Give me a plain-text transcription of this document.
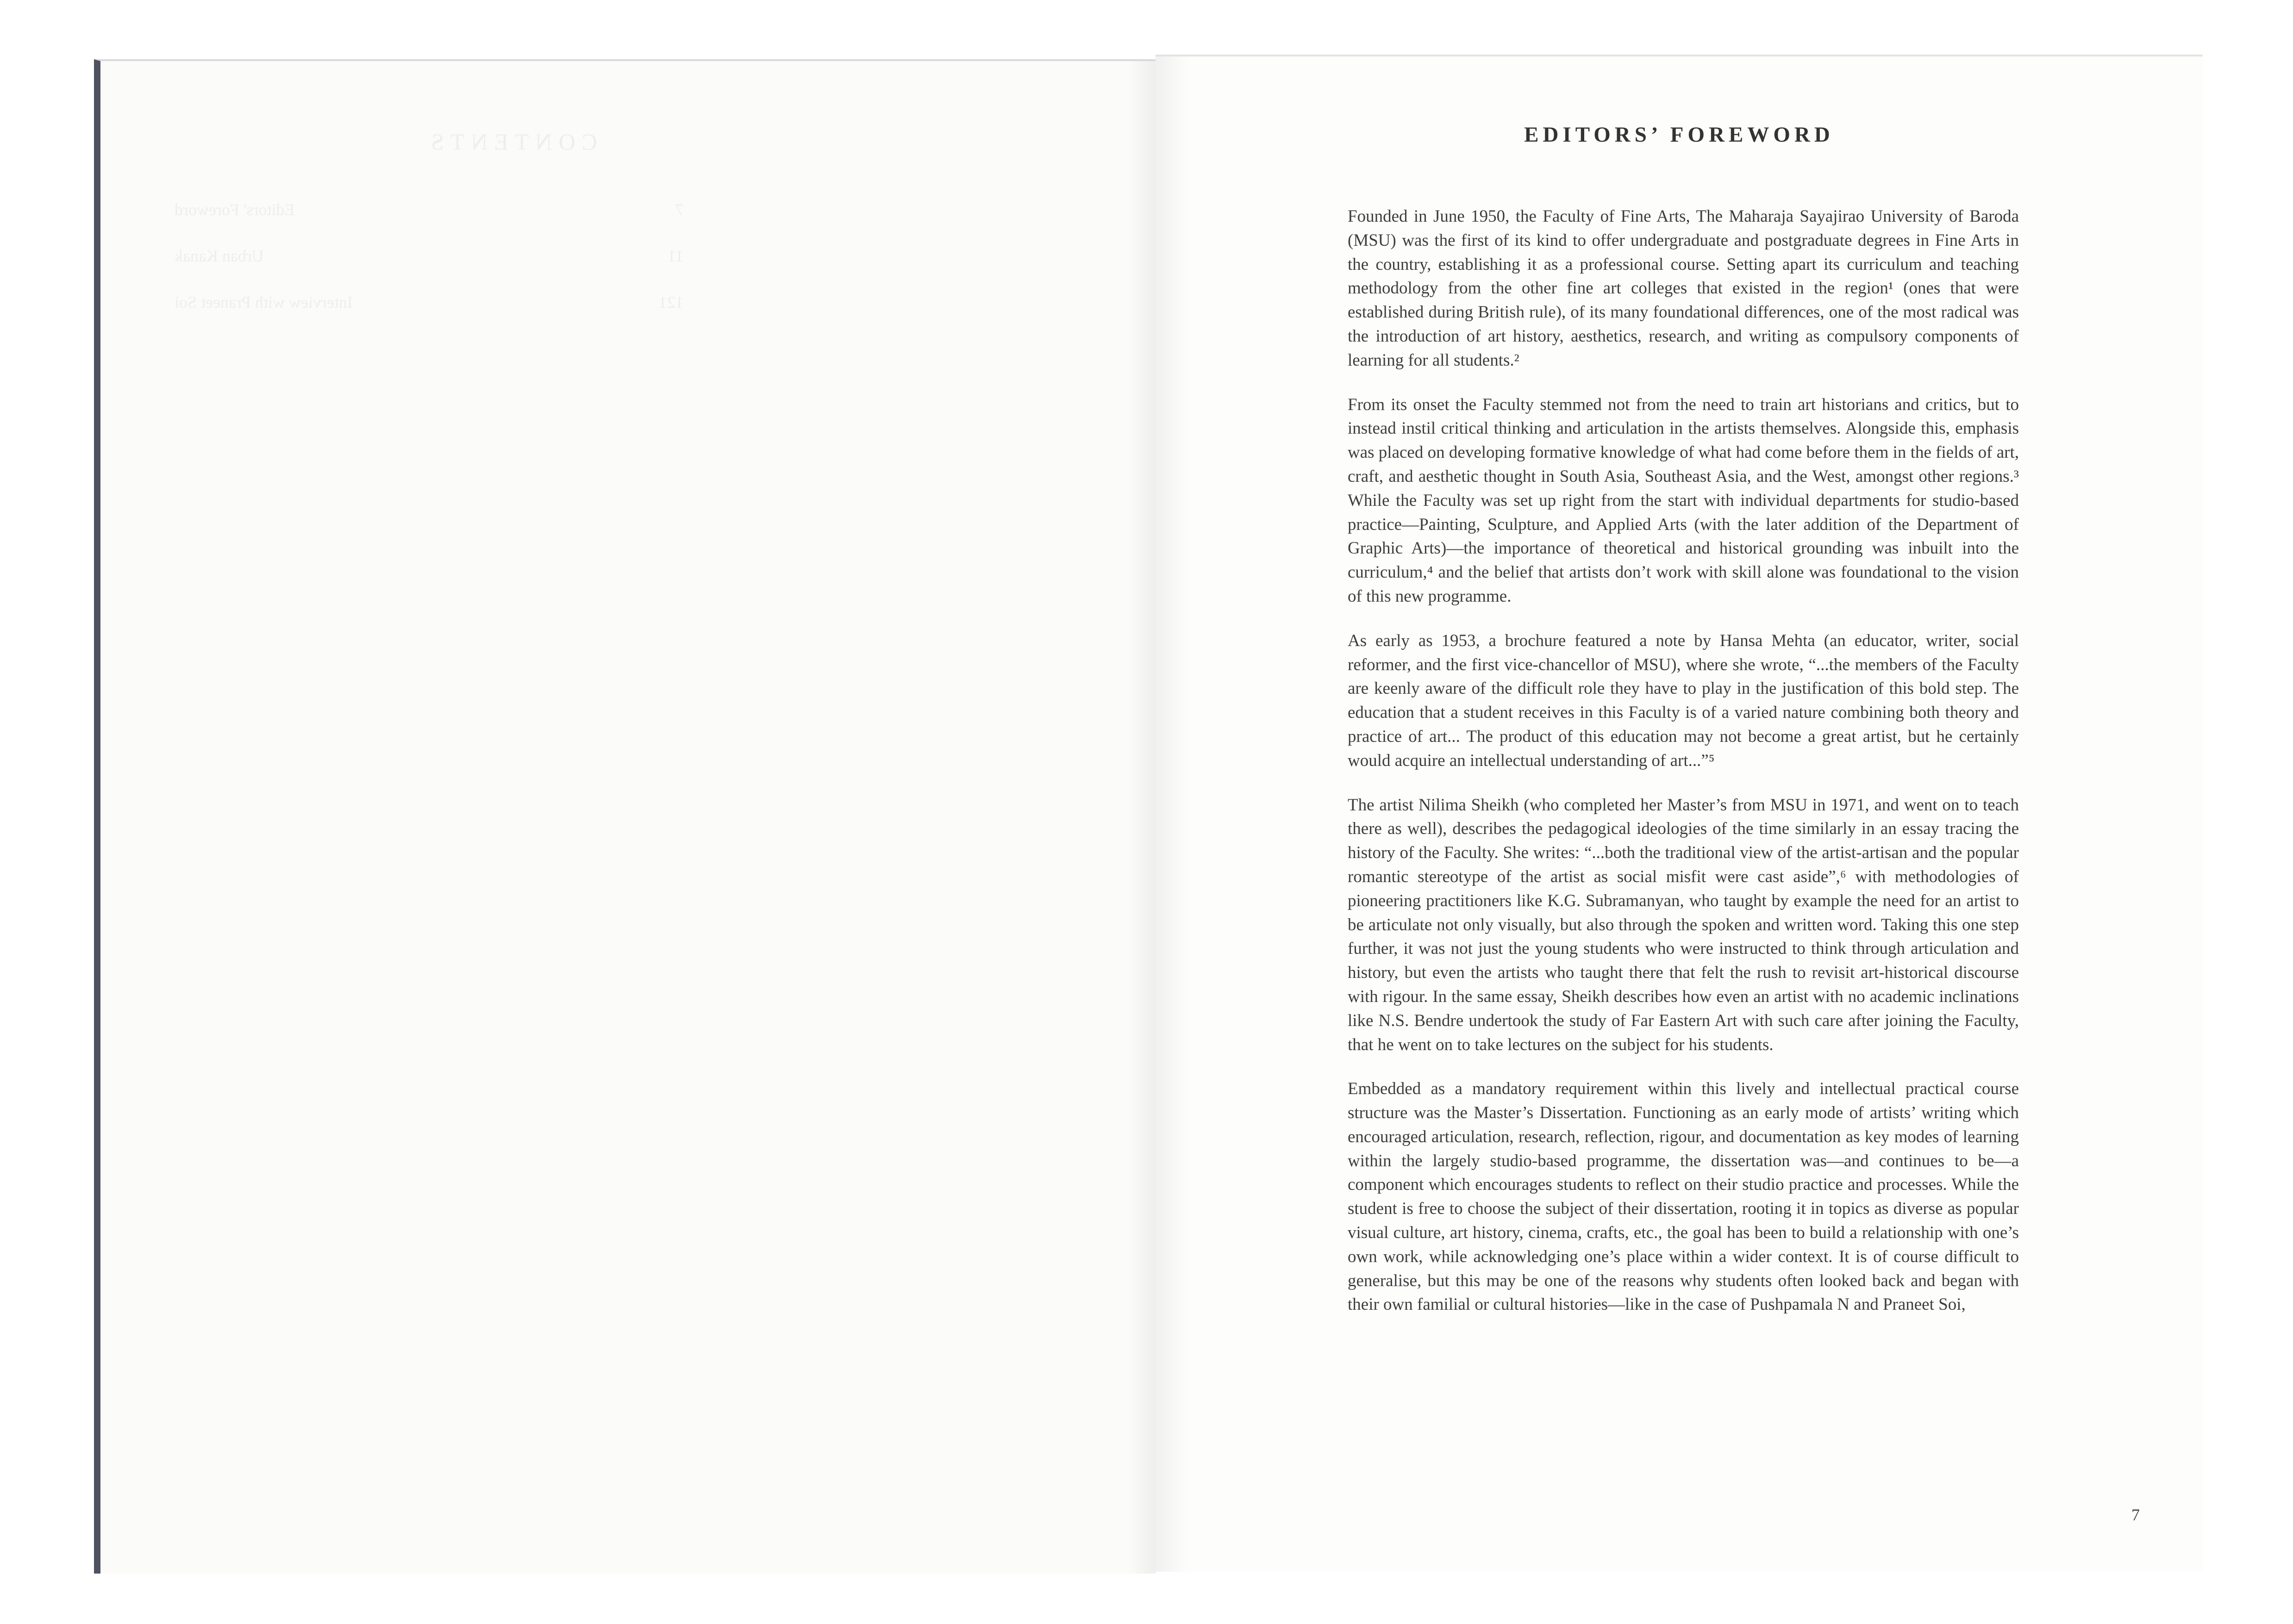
CONTENTS
7
Editors' Foreword
11
Urban Kanak
121
Interview with Praneet Soi
EDITORS’ FOREWORD

Founded in June 1950, the Faculty of Fine Arts, The Maharaja Sayajirao University of Baroda (MSU) was the first of its kind to offer undergraduate and postgraduate degrees in Fine Arts in the country, establishing it as a professional course. Setting apart its curriculum and teaching methodology from the other fine art colleges that existed in the region¹ (ones that were established during British rule), of its many foundational differences, one of the most radical was the introduction of art history, aesthetics, research, and writing as compulsory components of learning for all students.²

From its onset the Faculty stemmed not from the need to train art historians and critics, but to instead instil critical thinking and articulation in the artists themselves. Alongside this, emphasis was placed on developing formative knowledge of what had come before them in the fields of art, craft, and aesthetic thought in South Asia, Southeast Asia, and the West, amongst other regions.³ While the Faculty was set up right from the start with individual departments for studio-based practice—Painting, Sculpture, and Applied Arts (with the later addition of the Department of Graphic Arts)—the importance of theoretical and historical grounding was inbuilt into the curriculum,⁴ and the belief that artists don’t work with skill alone was foundational to the vision of this new programme.

As early as 1953, a brochure featured a note by Hansa Mehta (an educator, writer, social reformer, and the first vice-chancellor of MSU), where she wrote, “...the members of the Faculty are keenly aware of the difficult role they have to play in the justification of this bold step. The education that a student receives in this Faculty is of a varied nature combining both theory and practice of art... The product of this education may not become a great artist, but he certainly would acquire an intellectual understanding of art...”⁵

The artist Nilima Sheikh (who completed her Master’s from MSU in 1971, and went on to teach there as well), describes the pedagogical ideologies of the time similarly in an essay tracing the history of the Faculty. She writes: “...both the traditional view of the artist-artisan and the popular romantic stereotype of the artist as social misfit were cast aside”,⁶ with methodologies of pioneering practitioners like K.G. Subramanyan, who taught by example the need for an artist to be articulate not only visually, but also through the spoken and written word. Taking this one step further, it was not just the young students who were instructed to think through articulation and history, but even the artists who taught there that felt the rush to revisit art-historical discourse with rigour. In the same essay, Sheikh describes how even an artist with no academic inclinations like N.S. Bendre undertook the study of Far Eastern Art with such care after joining the Faculty, that he went on to take lectures on the subject for his students.

Embedded as a mandatory requirement within this lively and intellectual practical course structure was the Master’s Dissertation. Functioning as an early mode of artists’ writing which encouraged articulation, research, reflection, rigour, and documentation as key modes of learning within the largely studio-based programme, the dissertation was—and continues to be—a component which encourages students to reflect on their studio practice and processes. While the student is free to choose the subject of their dissertation, rooting it in topics as diverse as popular visual culture, art history, cinema, crafts, etc., the goal has been to build a relationship with one’s own work, while acknowledging one’s place within a wider context. It is of course difficult to generalise, but this may be one of the reasons why students often looked back and began with their own familial or cultural histories—like in the case of Pushpamala N and Praneet Soi,

7
